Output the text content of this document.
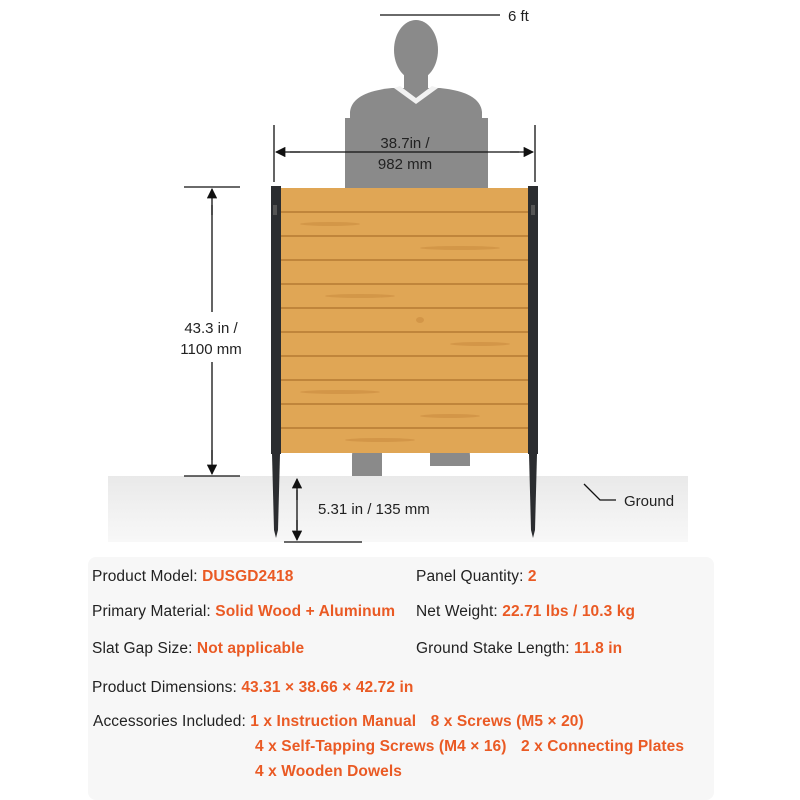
6 ft
38.7in /
982 mm
43.3 in /
1100 mm
5.31 in / 135 mm	Ground
Product Model: DUSGD2418	Panel Quantity: 2
Primary Material: Solid Wood + Aluminum Net Weight: 22.71 lbs / 10.3 kg
Slat Gap Size: Not applicable	Ground Stake Length: 11.8 in
Product Dimensions: 43.31 × 38.66 × 42.72 in
Accessories Included: 1 x Instruction Manual 8 x Screws (M5 × 20)
4 x Self-Tapping Screws (M4 × 16) 2 x Connecting Plates
4 x Wooden Dowels
